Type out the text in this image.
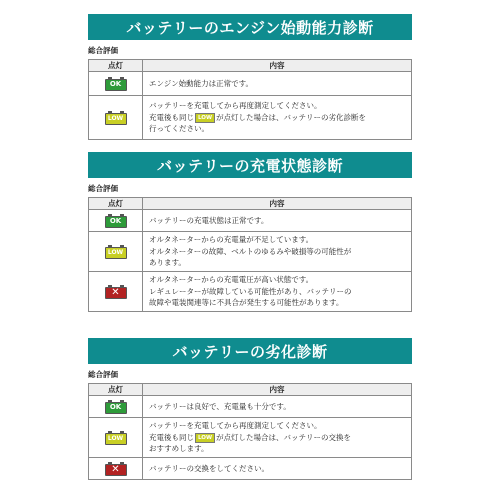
バッテリーのエンジン始動能力診断
総合評価
点灯	内容

OK	エンジン始動能力は正常です。

LOW	バッテリーを充電してから再度測定してください。
充電後も同じ LOW が点灯した場合は、バッテリーの劣化診断を
行ってください。
バッテリーの充電状態診断
総合評価
点灯	内容

OK	バッテリーの充電状態は正常です。

LOW	オルタネーターからの充電量が不足しています。
オルタネーターの故障、ベルトのゆるみや破損等の可能性が
あります。

✕	オルタネーターからの充電電圧が高い状態です。
レギュレーターが故障している可能性があり、バッテリーの
故障や電装関連等に不具合が発生する可能性があります。
バッテリーの劣化診断
総合評価
点灯	内容

OK	バッテリーは良好で、充電量も十分です。

LOW	バッテリーを充電してから再度測定してください。
充電後も同じ LOW が点灯した場合は、バッテリーの交換を
おすすめします。

✕	バッテリーの交換をしてください。
